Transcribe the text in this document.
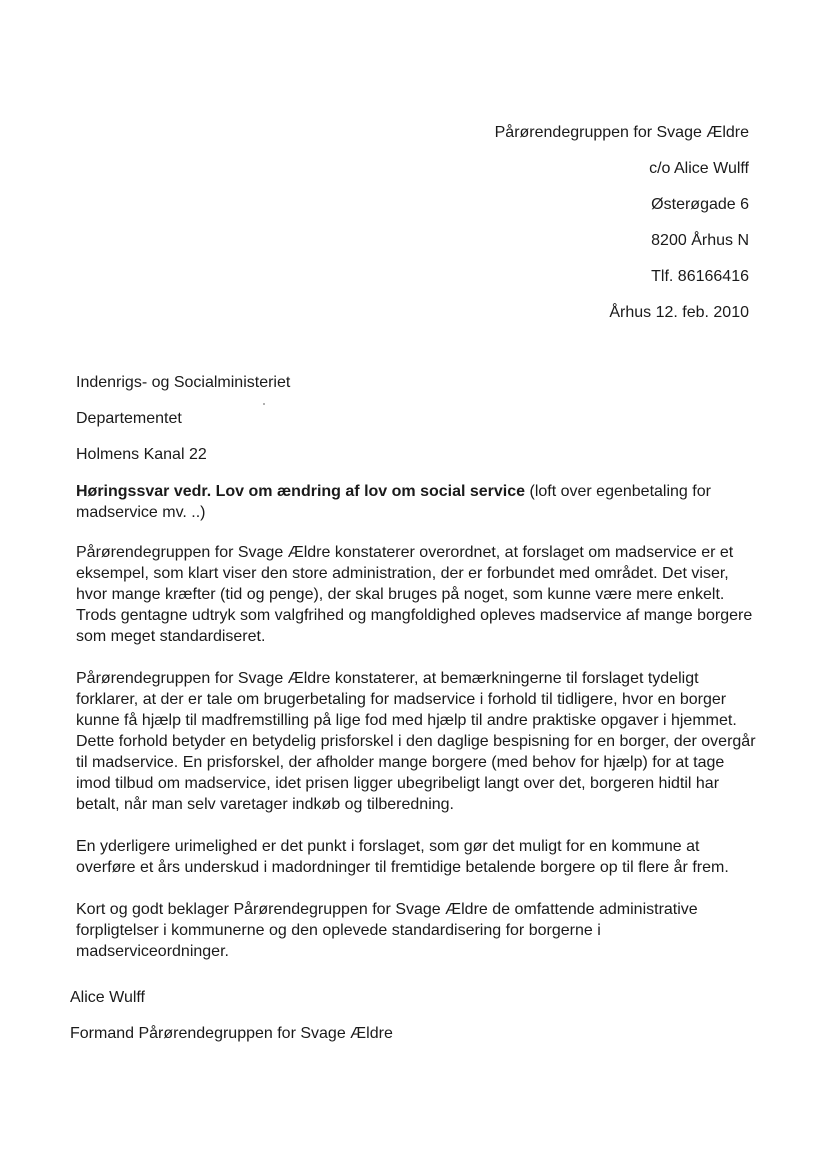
Pårørendegruppen for Svage Ældre
c/o Alice Wulff
Østerøgade 6
8200 Århus N
Tlf. 86166416
Århus 12. feb. 2010
Indenrigs- og Socialministeriet
Departementet
Holmens Kanal 22

Høringssvar vedr. Lov om ændring af lov om social service (loft over egenbetaling for madservice mv. ..)

Pårørendegruppen for Svage Ældre konstaterer overordnet, at forslaget om madservice er et eksempel, som klart viser den store administration, der er forbundet med området. Det viser, hvor mange kræfter (tid og penge), der skal bruges på noget, som kunne være mere enkelt. Trods gentagne udtryk som valgfrihed og mangfoldighed opleves madservice af mange borgere som meget standardiseret.

Pårørendegruppen for Svage Ældre konstaterer, at bemærkningerne til forslaget tydeligt forklarer, at der er tale om brugerbetaling for madservice i forhold til tidligere, hvor en borger kunne få hjælp til madfremstilling på lige fod med hjælp til andre praktiske opgaver i hjemmet. Dette forhold betyder en betydelig prisforskel i den daglige bespisning for en borger, der overgår til madservice. En prisforskel, der afholder mange borgere (med behov for hjælp) for at tage imod tilbud om madservice, idet prisen ligger ubegribeligt langt over det, borgeren hidtil har betalt, når man selv varetager indkøb og tilberedning.

En yderligere urimelighed er det punkt i forslaget, som gør det muligt for en kommune at overføre et års underskud i madordninger til fremtidige betalende borgere op til flere år frem.

Kort og godt beklager Pårørendegruppen for Svage Ældre de omfattende administrative forpligtelser i kommunerne og den oplevede standardisering for borgerne i madserviceordninger.

Alice Wulff
Formand Pårørendegruppen for Svage Ældre
